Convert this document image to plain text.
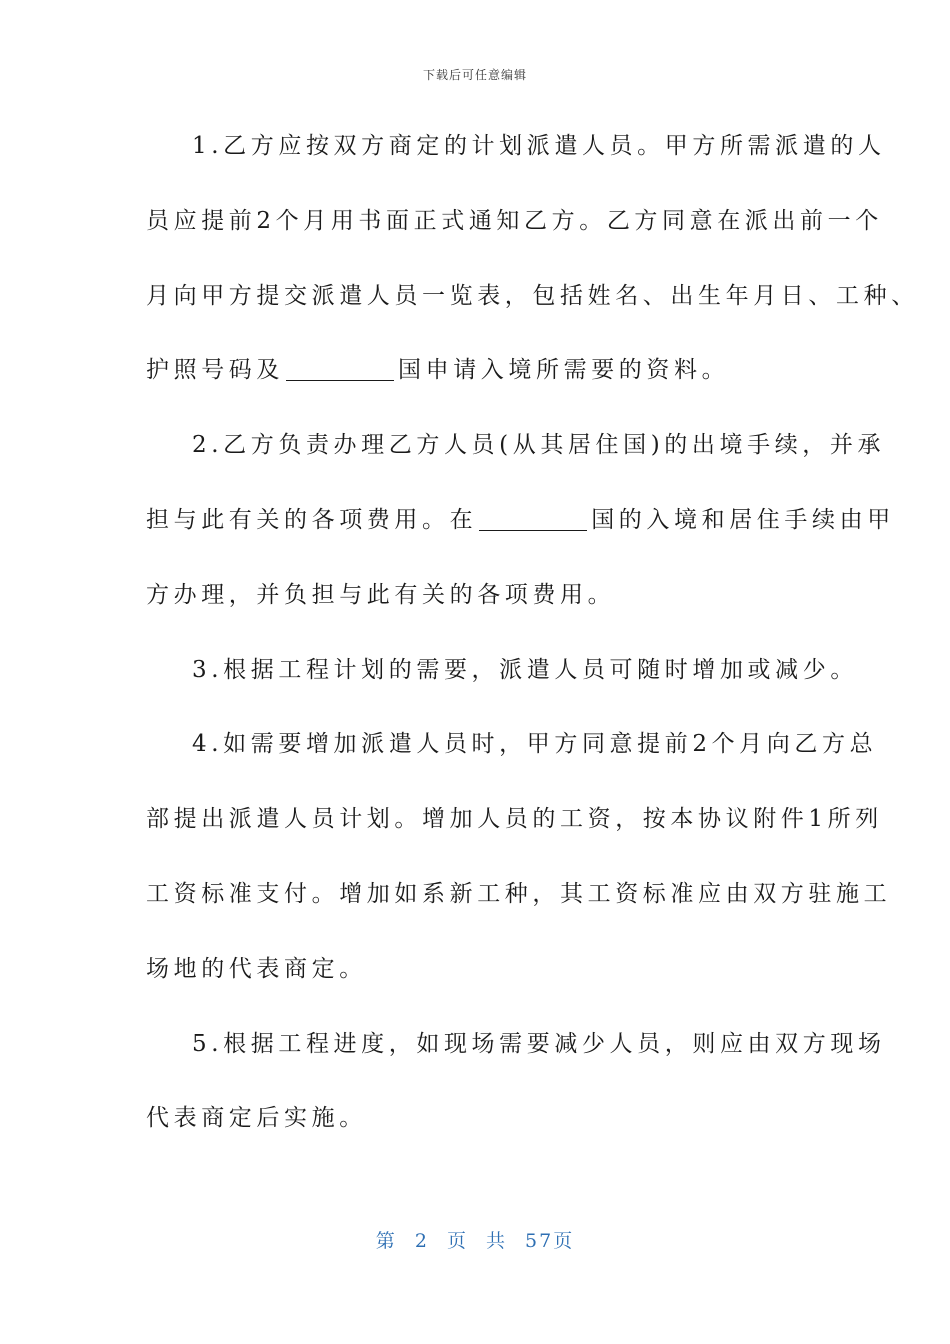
下载后可任意编辑
1.乙方应按双方商定的计划派遣人员。甲方所需派遣的人
员应提前2个月用书面正式通知乙方。乙方同意在派出前一个
月向甲方提交派遣人员一览表，包括姓名、出生年月日、工种、
护照号码及	国申请入境所需要的资料。
2.乙方负责办理乙方人员(从其居住国)的出境手续，并承
担与此有关的各项费用。在	国的入境和居住手续由甲
方办理，并负担与此有关的各项费用。
3.根据工程计划的需要，派遣人员可随时增加或减少。
4.如需要增加派遣人员时，甲方同意提前2个月向乙方总
部提出派遣人员计划。增加人员的工资，按本协议附件1所列
工资标准支付。增加如系新工种，其工资标准应由双方驻施工
场地的代表商定。
5.根据工程进度，如现场需要减少人员，则应由双方现场
代表商定后实施。
第 2 页 共 57页
